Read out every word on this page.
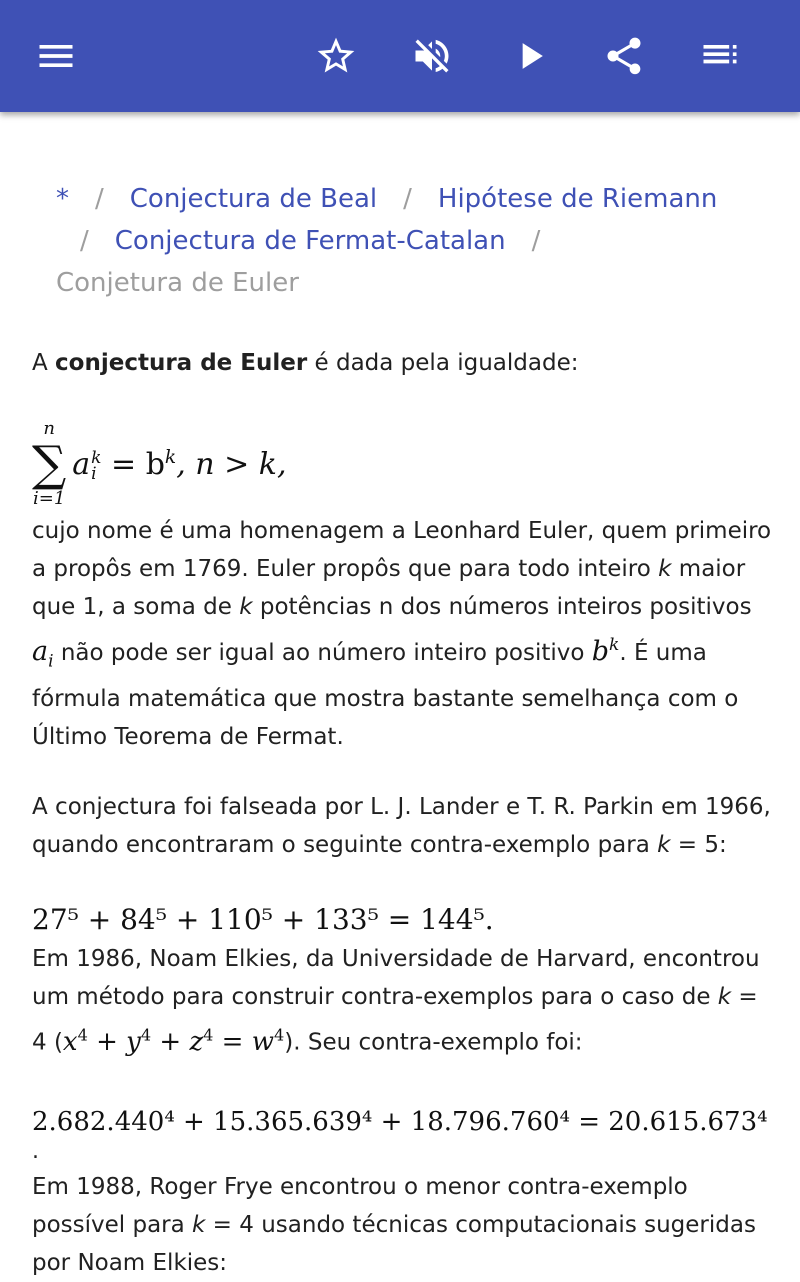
* / Conjectura de Beal / Hipótese de Riemann
/ Conjectura de Fermat-Catalan /
Conjetura de Euler

A conjectura de Euler é dada pela igualdade:

n
∑
i=1
a k
$i = b^k$, n > k,

cujo nome é uma homenagem a Leonhard Euler, quem primeiro a propôs em 1769. Euler propôs que para todo inteiro k maior que 1, a soma de k potências n dos números inteiros positivos $a_i$ não pode ser igual ao número inteiro positivo $b^k$. É uma fórmula matemática que mostra bastante semelhança com o Último Teorema de Fermat.

A conjectura foi falseada por L. J. Lander e T. R. Parkin em 1966, quando encontraram o seguinte contra-exemplo para k = 5:

27⁵ + 84⁵ + 110⁵ + 133⁵ = 144⁵.

Em 1986, Noam Elkies, da Universidade de Harvard, encontrou um método para construir contra-exemplos para o caso de k = 4 $(x^4 + y^4 + z^4 = w^4)$. Seu contra-exemplo foi:

2.682.440⁴ + 15.365.639⁴ + 18.796.760⁴ = 20.615.673⁴
.

Em 1988, Roger Frye encontrou o menor contra-exemplo possível para k = 4 usando técnicas computacionais sugeridas por Noam Elkies:
